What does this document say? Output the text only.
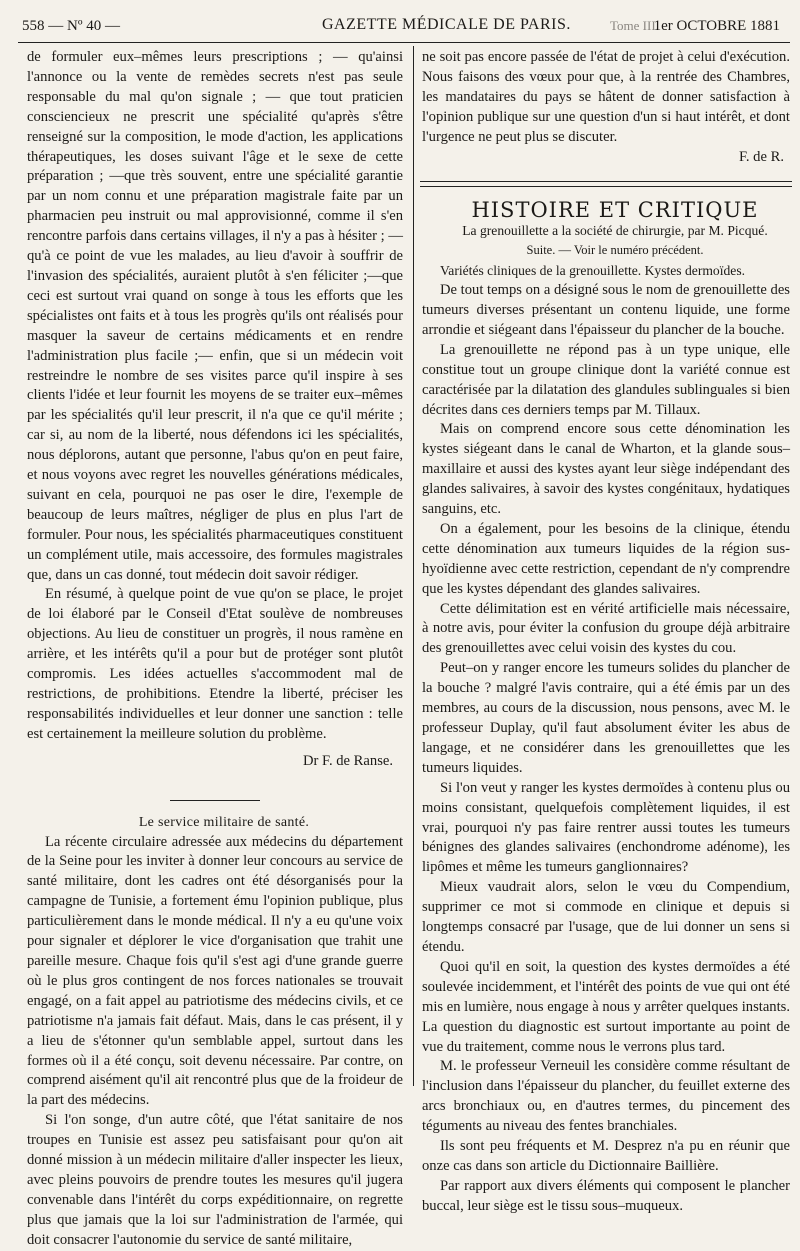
558 — Nº 40 —	GAZETTE MÉDICALE DE PARIS.	Tome III.
1er OCTOBRE 1881

de formuler eux–mêmes leurs prescriptions ; — qu'ainsi l'annonce ou la vente de remèdes secrets n'est pas seule responsable du mal qu'on signale ; — que tout praticien consciencieux ne prescrit une spécialité qu'après s'être renseigné sur la composition, le mode d'action, les applications thérapeutiques, les doses suivant l'âge et le sexe de cette préparation ; —que très souvent, entre une spécialité garantie par un nom connu et une préparation magistrale faite par un pharmacien peu instruit ou mal approvisionné, comme il s'en rencontre parfois dans certains villages, il n'y a pas à hésiter ; — qu'à ce point de vue les malades, au lieu d'avoir à souffrir de l'invasion des spécialités, auraient plutôt à s'en féliciter ;—que ceci est surtout vrai quand on songe à tous les efforts que les spécialistes ont faits et à tous les progrès qu'ils ont réalisés pour masquer la saveur de certains médicaments et en rendre l'administration plus facile ;— enfin, que si un médecin voit restreindre le nombre de ses visites parce qu'il inspire à ses clients l'idée et leur fournit les moyens de se traiter eux–mêmes par les spécialités qu'il leur prescrit, il n'a que ce qu'il mérite ; car si, au nom de la liberté, nous défendons ici les spécialités, nous déplorons, autant que personne, l'abus qu'on en peut faire, et nous voyons avec regret les nouvelles générations médicales, suivant en cela, pourquoi ne pas oser le dire, l'exemple de beaucoup de leurs maîtres, négliger de plus en plus l'art de formuler. Pour nous, les spécialités pharmaceutiques constituent un complément utile, mais accessoire, des formules magistrales que, dans un cas donné, tout médecin doit savoir rédiger.

En résumé, à quelque point de vue qu'on se place, le projet de loi élaboré par le Conseil d'Etat soulève de nombreuses objections. Au lieu de constituer un progrès, il nous ramène en arrière, et les intérêts qu'il a pour but de protéger sont plutôt compromis. Les idées actuelles s'accommodent mal de restrictions, de prohibitions. Etendre la liberté, préciser les responsabilités individuelles et leur donner une sanction : telle est certainement la meilleure solution du problème.

Dr F. de Ranse.

Le service militaire de santé.

La récente circulaire adressée aux médecins du département de la Seine pour les inviter à donner leur concours au service de santé militaire, dont les cadres ont été désorganisés pour la campagne de Tunisie, a fortement ému l'opinion publique, plus particulièrement dans le monde médical. Il n'y a eu qu'une voix pour signaler et déplorer le vice d'organisation que trahit une pareille mesure. Chaque fois qu'il s'est agi d'une grande guerre où le plus gros contingent de nos forces nationales se trouvait engagé, on a fait appel au patriotisme des médecins civils, et ce patriotisme n'a jamais fait défaut. Mais, dans le cas présent, il y a lieu de s'étonner qu'un semblable appel, surtout dans les formes où il a été conçu, soit devenu nécessaire. Par contre, on comprend aisément qu'il ait rencontré plus que de la froideur de la part des médecins.

Si l'on songe, d'un autre côté, que l'état sanitaire de nos troupes en Tunisie est assez peu satisfaisant pour qu'on ait donné mission à un médecin militaire d'aller inspecter les lieux, avec pleins pouvoirs de prendre toutes les mesures qu'il jugera convenable dans l'intérêt du corps expéditionnaire, on regrette plus que jamais que la loi sur l'administration de l'armée, qui doit consacrer l'autonomie du service de santé militaire,

ne soit pas encore passée de l'état de projet à celui d'exécution. Nous faisons des vœux pour que, à la rentrée des Chambres, les mandataires du pays se hâtent de donner satisfaction à l'opinion publique sur une question d'un si haut intérêt, et dont l'urgence ne peut plus se discuter.

F. de R.

HISTOIRE ET CRITIQUE

La grenouillette a la société de chirurgie, par M. Picqué.

Suite. — Voir le numéro précédent.

Variétés cliniques de la grenouillette. Kystes dermoïdes.

De tout temps on a désigné sous le nom de grenouillette des tumeurs diverses présentant un contenu liquide, une forme arrondie et siégeant dans l'épaisseur du plancher de la bouche.

La grenouillette ne répond pas à un type unique, elle constitue tout un groupe clinique dont la variété connue est caractérisée par la dilatation des glandules sublinguales si bien décrites dans ces derniers temps par M. Tillaux.

Mais on comprend encore sous cette dénomination les kystes siégeant dans le canal de Wharton, et la glande sous–maxillaire et aussi des kystes ayant leur siège indépendant des glandes salivaires, à savoir des kystes congénitaux, hydatiques sanguins, etc.

On a également, pour les besoins de la clinique, étendu cette dénomination aux tumeurs liquides de la région sus-hyoïdienne avec cette restriction, cependant de n'y comprendre que les kystes dépendant des glandes salivaires.

Cette délimitation est en vérité artificielle mais nécessaire, à notre avis, pour éviter la confusion du groupe déjà arbitraire des grenouillettes avec celui voisin des kystes du cou.

Peut–on y ranger encore les tumeurs solides du plancher de la bouche ? malgré l'avis contraire, qui a été émis par un des membres, au cours de la discussion, nous pensons, avec M. le professeur Duplay, qu'il faut absolument éviter les abus de langage, et ne considérer dans les grenouillettes que les tumeurs liquides.

Si l'on veut y ranger les kystes dermoïdes à contenu plus ou moins consistant, quelquefois complètement liquides, il est vrai, pourquoi n'y pas faire rentrer aussi toutes les tumeurs bénignes des glandes salivaires (enchondrome adénome), les lipômes et même les tumeurs ganglionnaires?

Mieux vaudrait alors, selon le vœu du Compendium, supprimer ce mot si commode en clinique et depuis si longtemps consacré par l'usage, que de lui donner un sens si étendu.

Quoi qu'il en soit, la question des kystes dermoïdes a été soulevée incidemment, et l'intérêt des points de vue qui ont été mis en lumière, nous engage à nous y arrêter quelques instants. La question du diagnostic est surtout importante au point de vue du traitement, comme nous le verrons plus tard.

M. le professeur Verneuil les considère comme résultant de l'inclusion dans l'épaisseur du plancher, du feuillet externe des arcs bronchiaux ou, en d'autres termes, du pincement des téguments au niveau des fentes branchiales.

Ils sont peu fréquents et M. Desprez n'a pu en réunir que onze cas dans son article du Dictionnaire Baillière.

Par rapport aux divers éléments qui composent le plancher buccal, leur siège est le tissu sous–muqueux.
